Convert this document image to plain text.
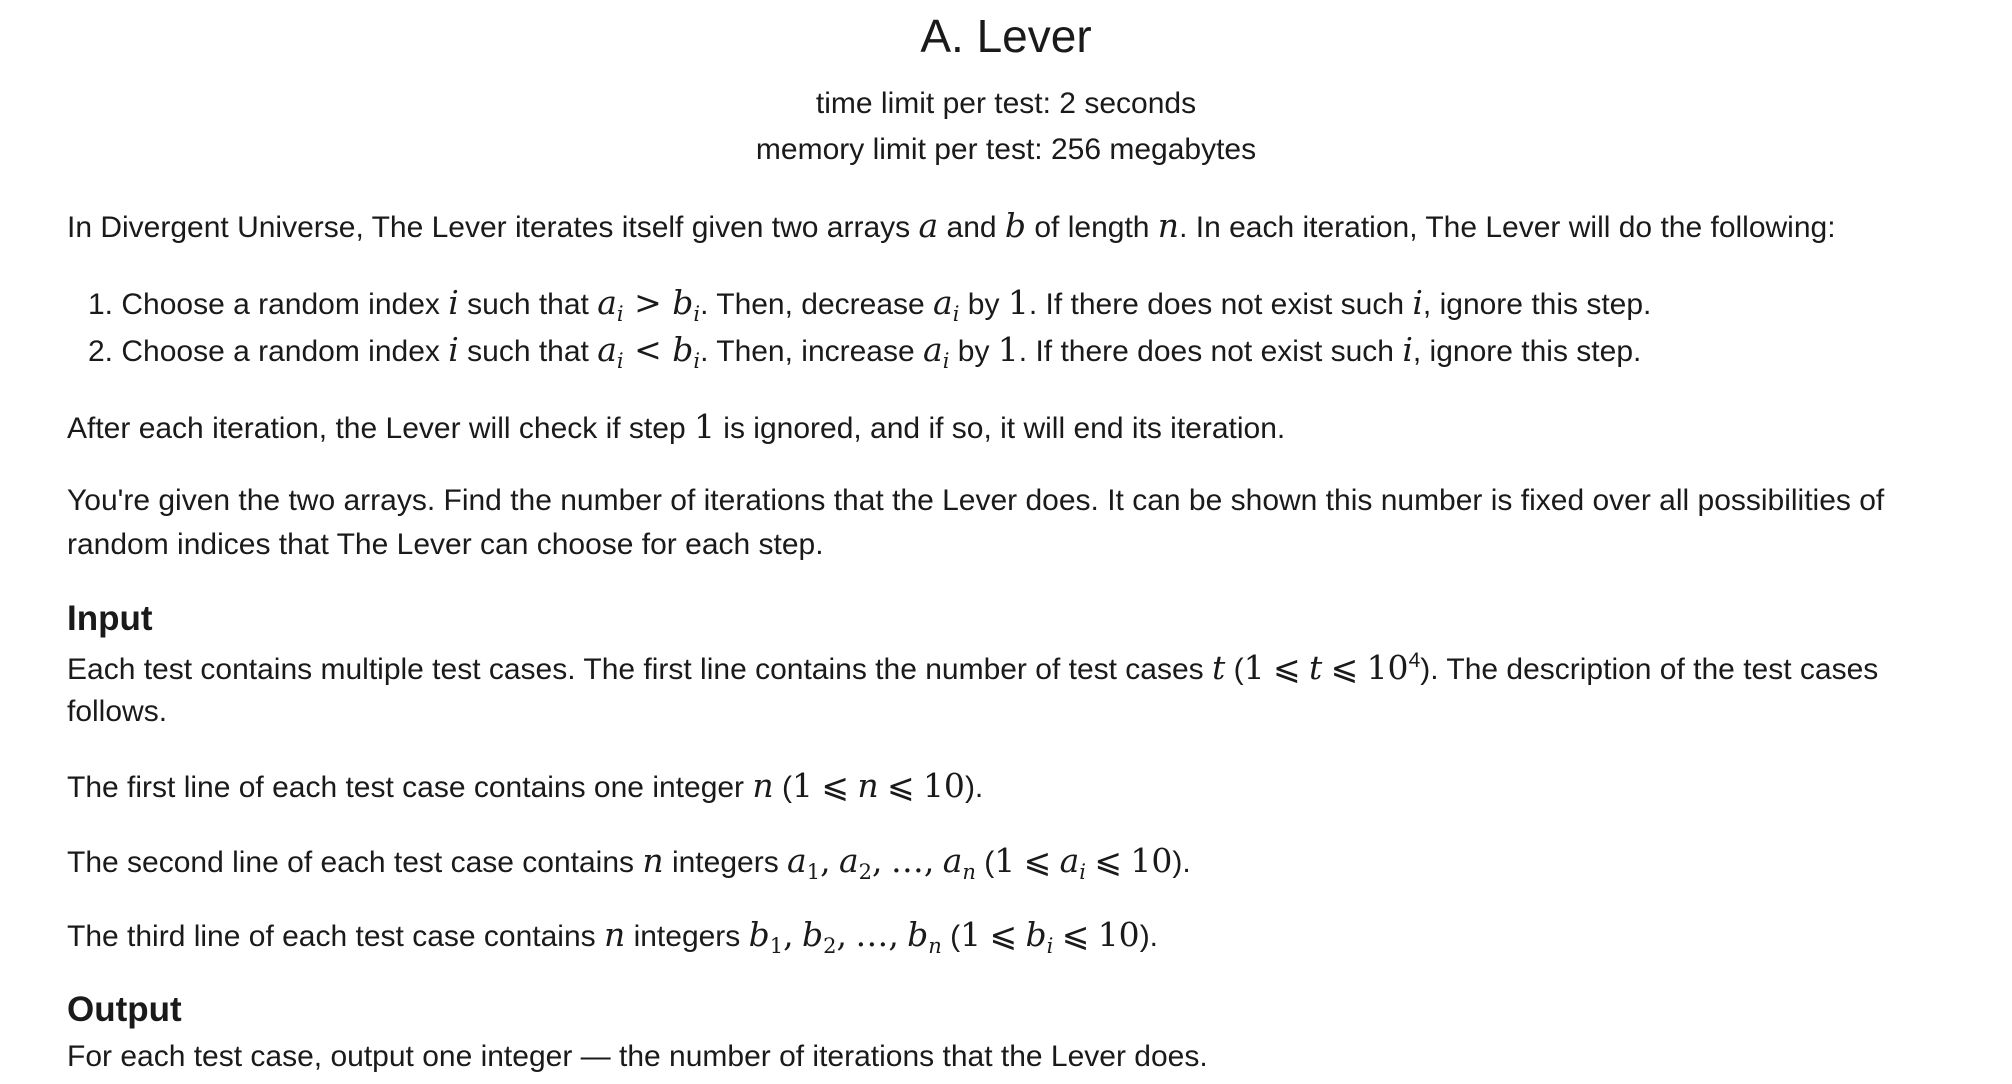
A. Lever
time limit per test: 2 seconds
memory limit per test: 256 megabytes
In Divergent Universe, The Lever iterates itself given two arrays a and b of length n. In each iteration, The Lever will do the following:
1. Choose a random index i such that $a_i > b_i$. Then, decrease $a_i$ by 1. If there does not exist such i, ignore this step.
2. Choose a random index i such that $a_i < b_i$. Then, increase $a_i$ by 1. If there does not exist such i, ignore this step.
After each iteration, the Lever will check if step 1 is ignored, and if so, it will end its iteration.
You're given the two arrays. Find the number of iterations that the Lever does. It can be shown this number is fixed over all possibilities of
random indices that The Lever can choose for each step.
Input
Each test contains multiple test cases. The first line contains the number of test cases t (1 ⩽ t ⩽ $10^4$). The description of the test cases
follows.
The first line of each test case contains one integer n (1 ⩽ n ⩽ 10).
The second line of each test case contains n integers $a_1$, $a_2$, …, $a_n$ (1 ⩽ $a_i$ ⩽ 10).
The third line of each test case contains n integers $b_1$, $b_2$, …, $b_n$ (1 ⩽ $b_i$ ⩽ 10).
Output
For each test case, output one integer — the number of iterations that the Lever does.
